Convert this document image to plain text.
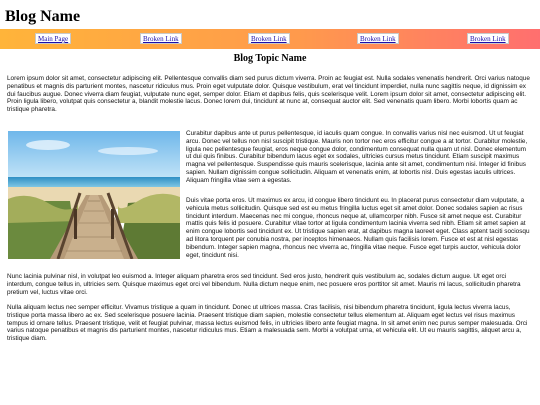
Blog Name
Main Page	Broken Link	Broken Link	Broken Link	Broken Link
Blog Topic Name

Lorem ipsum dolor sit amet, consectetur adipiscing elit. Pellentesque convallis diam sed purus dictum viverra. Proin ac feugiat est. Nulla sodales venenatis hendrerit. Orci varius natoque penatibus et magnis dis parturient montes, nascetur ridiculus mus. Proin eget vulputate dolor. Quisque vestibulum, erat vel tincidunt imperdiet, nulla nunc sagittis neque, id dignissim ex dui faucibus augue. Donec viverra diam feugiat, vulputate nunc eget, semper dolor. Etiam et dapibus felis, quis scelerisque velit. Lorem ipsum dolor sit amet, consectetur adipiscing elit. Proin ligula libero, volutpat quis consectetur a, blandit molestie lacus. Donec lorem dui, tincidunt at nunc at, consequat auctor elit. Sed venenatis quam libero. Morbi lobortis quam ac tristique pharetra.

Curabitur dapibus ante ut purus pellentesque, id iaculis quam congue. In convallis varius nisl nec euismod. Ut ut feugiat arcu. Donec vel tellus non nisl suscipit tristique. Mauris non tortor nec eros efficitur congue a at tortor. Curabitur molestie, ligula nec pellentesque feugiat, eros neque congue dolor, condimentum consequat nulla quam ut nisl. Donec elementum ut dui quis finibus. Curabitur bibendum lacus eget ex sodales, ultricies cursus metus tincidunt. Etiam suscipit maximus magna vel pellentesque. Suspendisse quis mauris scelerisque, lacinia ante sit amet, condimentum nisi. Integer id finibus sapien. Nullam dignissim congue sollicitudin. Aliquam et venenatis enim, at lobortis nisl. Duis egestas iaculis ultrices. Aliquam fringilla vitae sem a egestas.

Duis vitae porta eros. Ut maximus ex arcu, id congue libero tincidunt eu. In placerat purus consectetur diam vulputate, a vehicula metus sollicitudin. Quisque sed est eu metus fringilla luctus eget sit amet dolor. Donec sodales sapien ac risus tincidunt interdum. Maecenas nec mi congue, rhoncus neque at, ullamcorper nibh. Fusce sit amet neque est. Curabitur mattis quis felis id posuere. Curabitur vitae tortor at ligula condimentum lacinia viverra sed nibh. Etiam sit amet sapien at enim congue lobortis sed tincidunt ex. Ut tristique sapien erat, at dapibus magna laoreet eget. Class aptent taciti sociosqu ad litora torquent per conubia nostra, per inceptos himenaeos. Nullam quis facilisis lorem. Fusce et est at nisl egestas bibendum. Integer sapien magna, rhoncus nec viverra ac, fringilla vitae neque. Fusce eget turpis auctor, vehicula dolor eget, tincidunt nisi.

Nunc lacinia pulvinar nisl, in volutpat leo euismod a. Integer aliquam pharetra eros sed tincidunt. Sed eros justo, hendrerit quis vestibulum ac, sodales dictum augue. Ut eget orci interdum, congue tellus in, ultricies sem. Quisque maximus eget orci vel bibendum. Nulla dictum neque enim, nec posuere eros porttitor sit amet. Mauris mi lacus, sollicitudin pharetra pretium vel, luctus vitae orci.

Nulla aliquam lectus nec semper efficitur. Vivamus tristique a quam in tincidunt. Donec ut ultrices massa. Cras facilisis, nisi bibendum pharetra tincidunt, ligula lectus viverra lacus, tristique porta massa libero ac ex. Sed scelerisque posuere lacinia. Praesent tristique diam sapien, molestie consectetur tellus elementum at. Aliquam eget lectus vel risus maximus tempus id ornare tellus. Praesent tristique, velit et feugiat pulvinar, massa lectus euismod felis, in ultricies libero ante feugiat magna. In sit amet enim nec purus semper malesuada. Orci varius natoque penatibus et magnis dis parturient montes, nascetur ridiculus mus. Etiam a malesuada sem. Morbi a volutpat urna, et vehicula elit. Ut eu mauris sagittis, aliquet arcu a, tristique diam.
